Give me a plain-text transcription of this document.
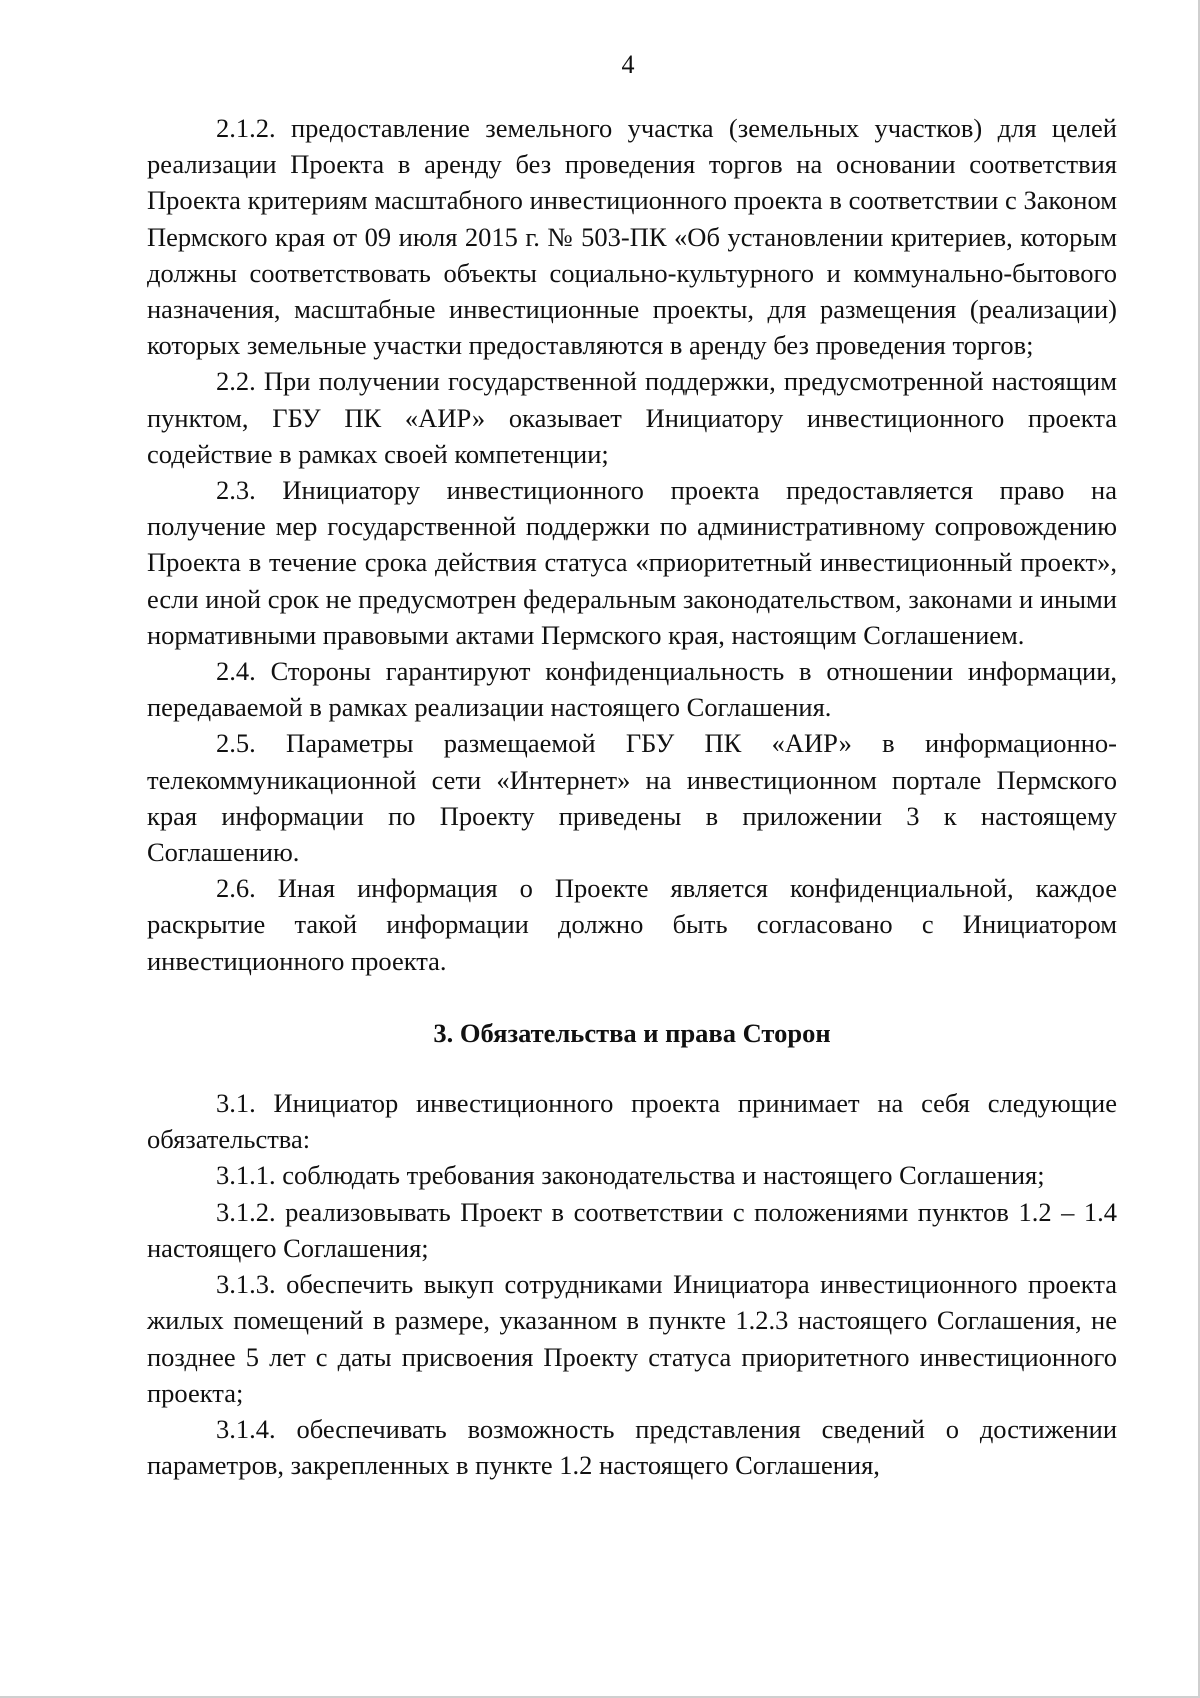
4

2.1.2. предоставление земельного участка (земельных участков) для целей реализации Проекта в аренду без проведения торгов на основании соответствия Проекта критериям масштабного инвестиционного проекта в соответствии с Законом Пермского края от 09 июля 2015 г. № 503-ПК «Об установлении критериев, которым должны соответствовать объекты социально-культурного и коммунально-бытового назначения, масштабные инвестиционные проекты, для размещения (реализации) которых земельные участки предоставляются в аренду без проведения торгов;

2.2. При получении государственной поддержки, предусмотренной настоящим пунктом, ГБУ ПК «АИР» оказывает Инициатору инвестиционного проекта содействие в рамках своей компетенции;

2.3. Инициатору инвестиционного проекта предоставляется право на получение мер государственной поддержки по административному сопровождению Проекта в течение срока действия статуса «приоритетный инвестиционный проект», если иной срок не предусмотрен федеральным законодательством, законами и иными нормативными правовыми актами Пермского края, настоящим Соглашением.

2.4. Стороны гарантируют конфиденциальность в отношении информации, передаваемой в рамках реализации настоящего Соглашения.

2.5. Параметры размещаемой ГБУ ПК «АИР» в информационно-телекоммуникационной сети «Интернет» на инвестиционном портале Пермского края информации по Проекту приведены в приложении 3 к настоящему Соглашению.

2.6. Иная информация о Проекте является конфиденциальной, каждое раскрытие такой информации должно быть согласовано с Инициатором инвестиционного проекта.

3. Обязательства и права Сторон

3.1. Инициатор инвестиционного проекта принимает на себя следующие обязательства:

3.1.1. соблюдать требования законодательства и настоящего Соглашения;

3.1.2. реализовывать Проект в соответствии с положениями пунктов 1.2 – 1.4 настоящего Соглашения;

3.1.3. обеспечить выкуп сотрудниками Инициатора инвестиционного проекта жилых помещений в размере, указанном в пункте 1.2.3 настоящего Соглашения, не позднее 5 лет с даты присвоения Проекту статуса приоритетного инвестиционного проекта;

3.1.4. обеспечивать возможность представления сведений о достижении параметров, закрепленных в пункте 1.2 настоящего Соглашения,
